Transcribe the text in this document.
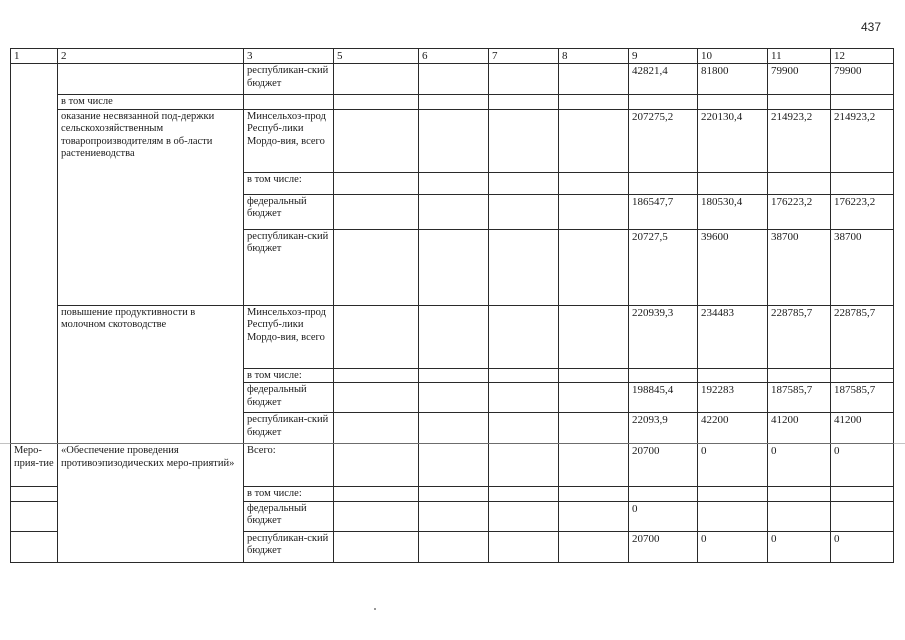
437
1	2	3	5	6	7	8	9	10	11	12
		республикан-ский бюджет					42821,4	81800	79900	79900
	в том числе									
	оказание несвязанной под-держки сельскохозяйственным товаропроизводителям в об-ласти растениеводства	Минсельхоз-прод Респуб-лики Мордо-вия, всего					207275,2	220130,4	214923,2	214923,2
		в том числе:								
		федеральный бюджет					186547,7	180530,4	176223,2	176223,2
		республикан-ский бюджет					20727,5	39600	38700	38700
	повышение продуктивности в молочном скотоводстве	Минсельхоз-прод Респуб-лики Мордо-вия, всего					220939,3	234483	228785,7	228785,7
		в том числе:								
		федеральный бюджет					198845,4	192283	187585,7	187585,7
		республикан-ский бюджет					22093,9	42200	41200	41200
Меро-прия-тие	«Обеспечение проведения противоэпизодических меро-приятий»	Всего:					20700	0	0	0
		в том числе:								
		федеральный бюджет					0			
		республикан-ский бюджет					20700	0	0	0
